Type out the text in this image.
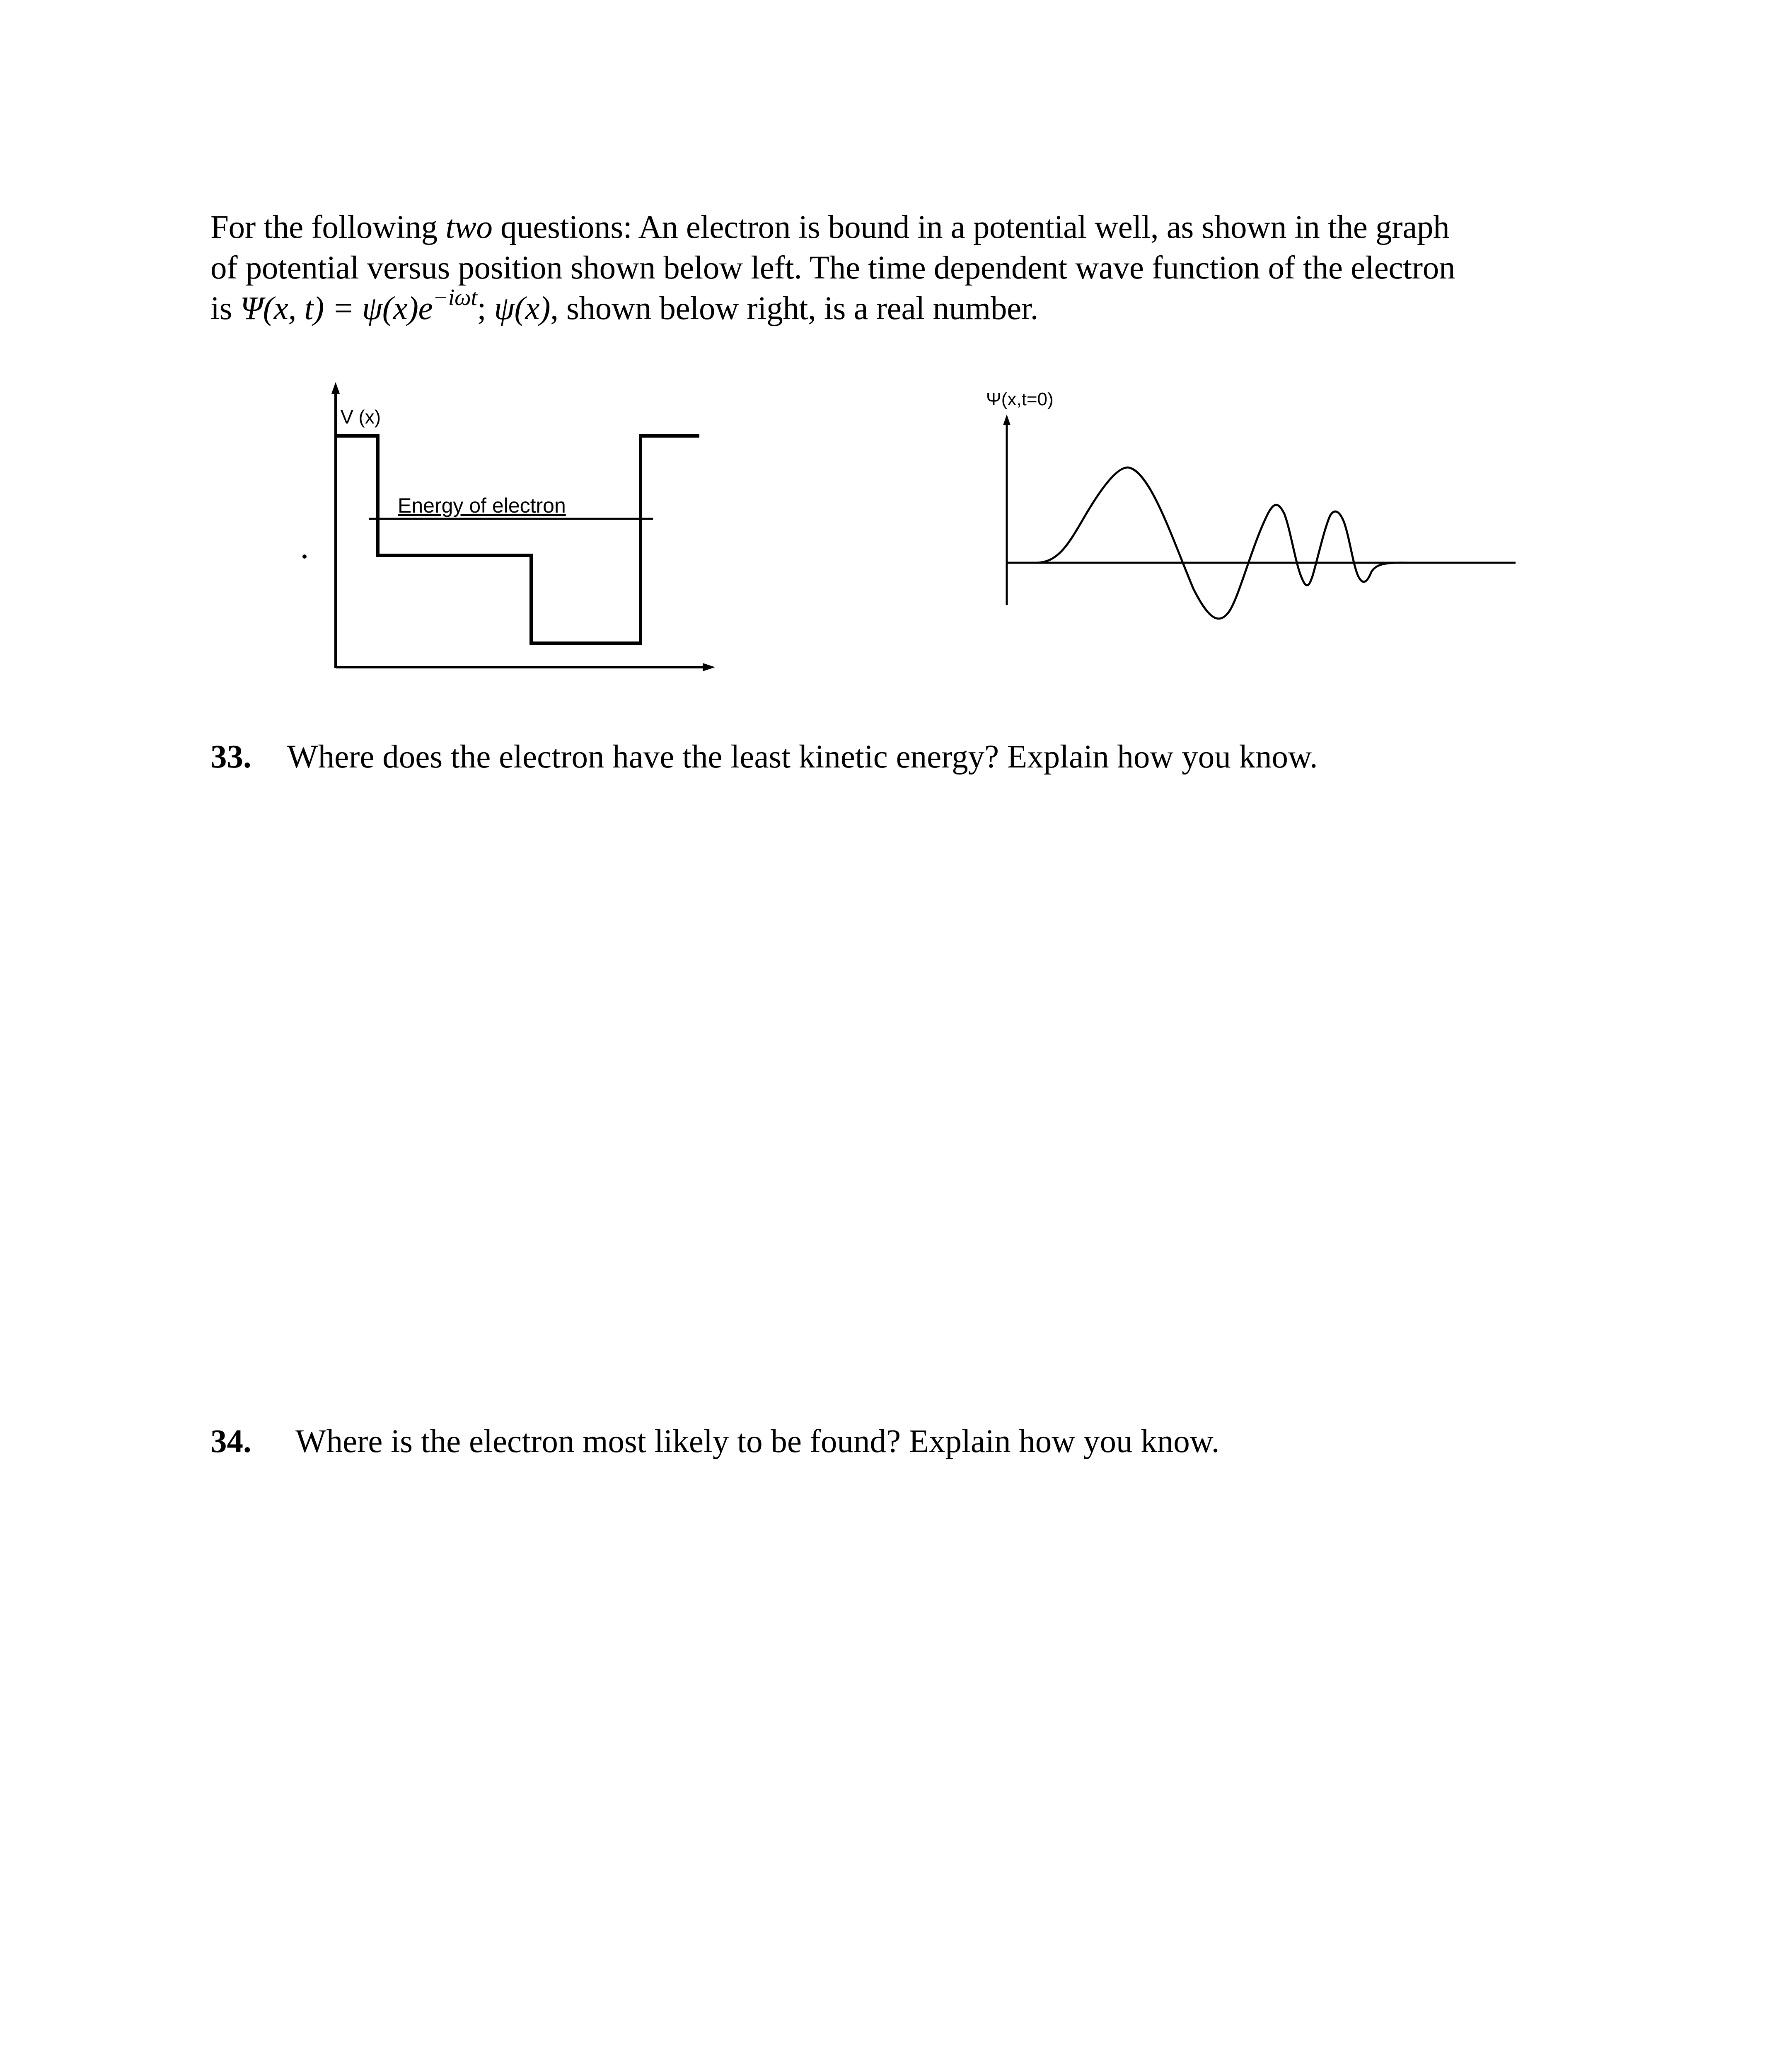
For the following two questions: An electron is bound in a potential well, as shown in the graph

of potential versus position shown below left. The time dependent wave function of the electron

is Ψ(x, $t) = \psi(x)e^{-i\omega t}$; ψ(x), shown below right, is a real number.

V (x)
Energy of electron
Ψ(x,t=0)
33. Where does the electron have the least kinetic energy? Explain how you know.
34. Where is the electron most likely to be found? Explain how you know.
